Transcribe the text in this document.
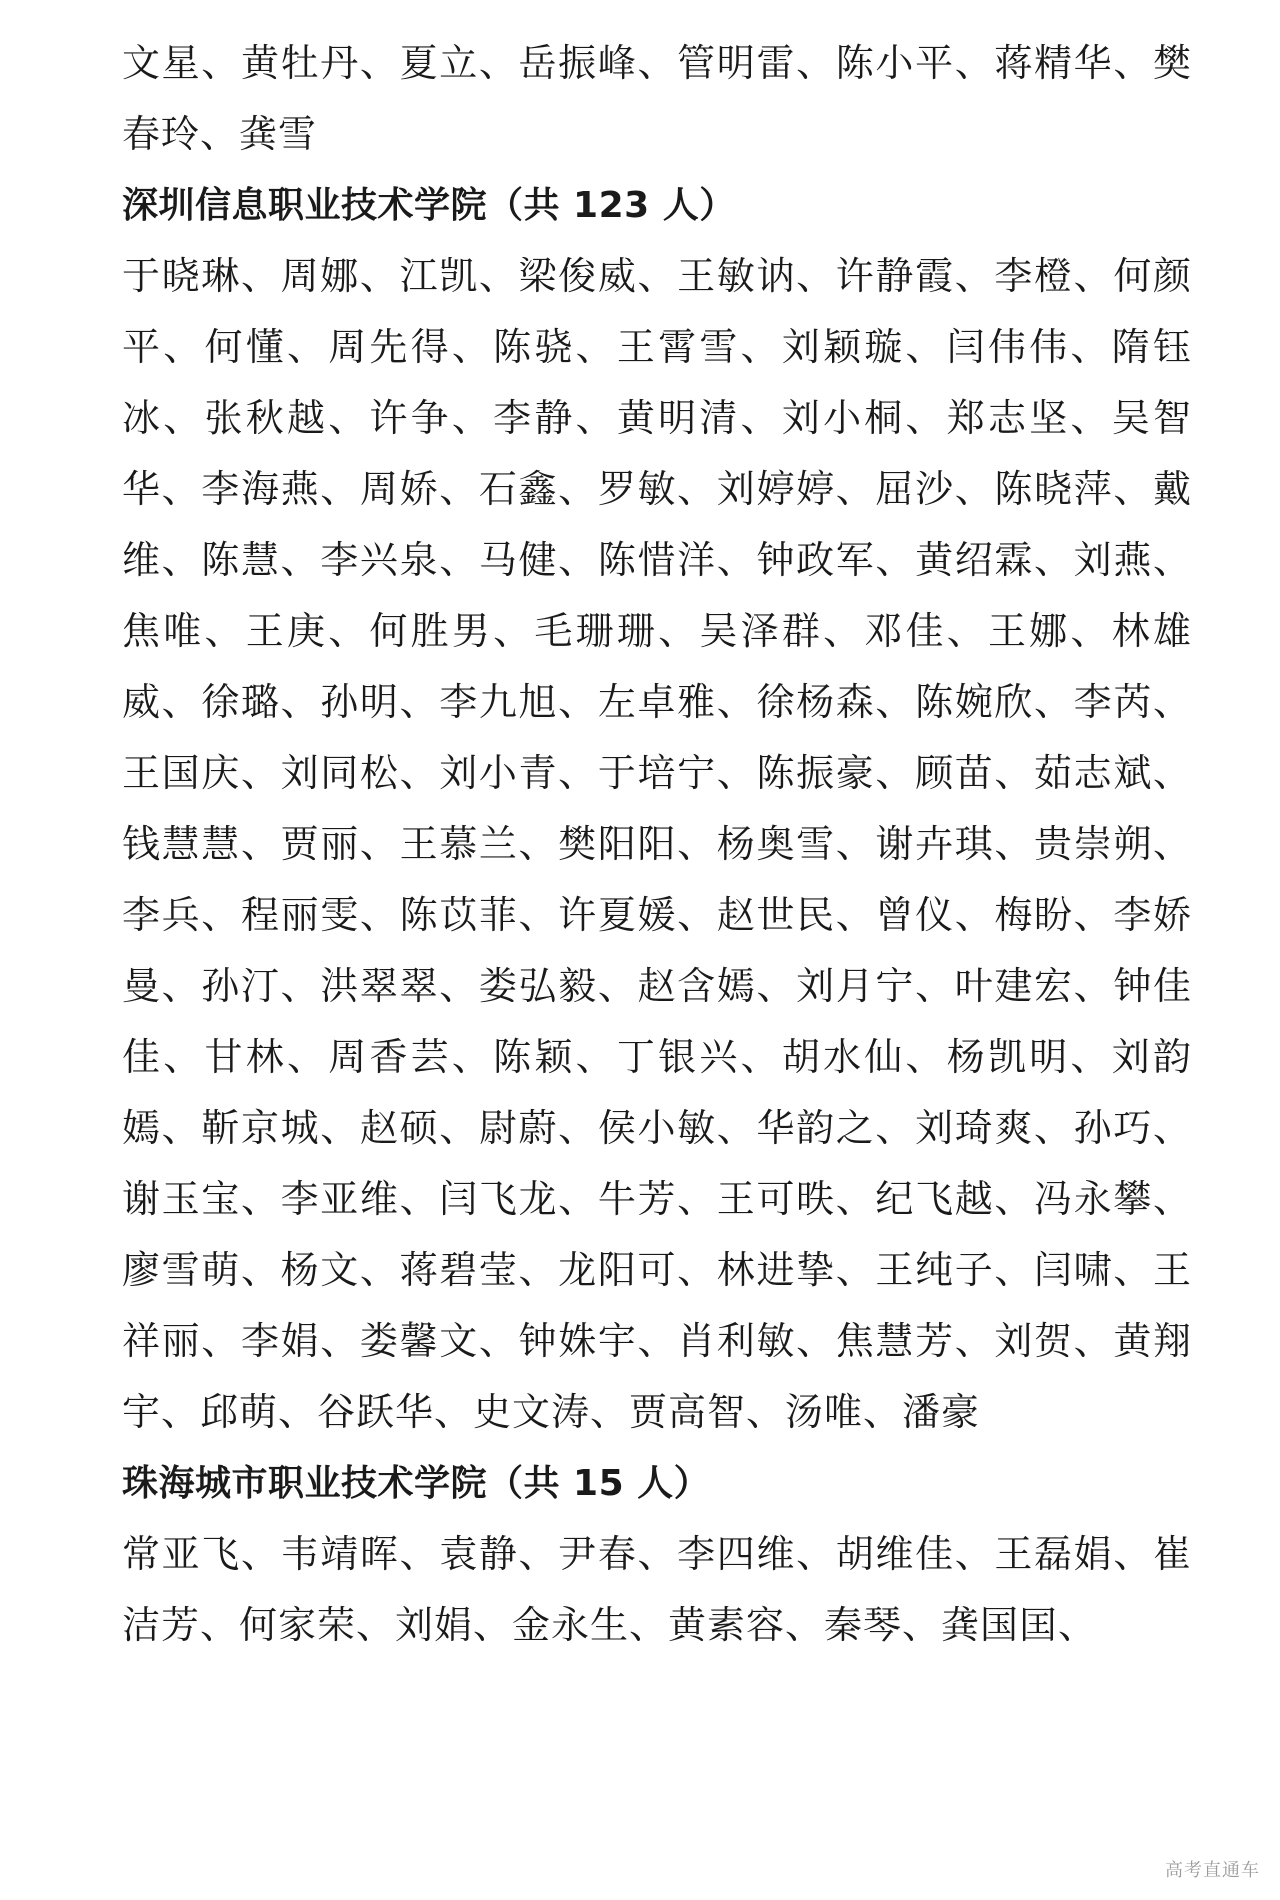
文星、黄牡丹、夏立、岳振峰、管明雷、陈小平、蒋精华、樊春玲、龚雪

深圳信息职业技术学院（共 123 人）

于晓琳、周娜、江凯、梁俊威、王敏讷、许静霞、李橙、何颜平、何懂、周先得、陈骁、王霄雪、刘颖璇、闫伟伟、隋钰冰、张秋越、许争、李静、黄明清、刘小桐、郑志坚、吴智华、李海燕、周娇、石鑫、罗敏、刘婷婷、屈沙、陈晓萍、戴维、陈慧、李兴泉、马健、陈惜洋、钟政军、黄绍霖、刘燕、焦唯、王庚、何胜男、毛珊珊、吴泽群、邓佳、王娜、林雄威、徐璐、孙明、李九旭、左卓雅、徐杨森、陈婉欣、李芮、王国庆、刘同松、刘小青、于培宁、陈振豪、顾苗、茹志斌、钱慧慧、贾丽、王慕兰、樊阳阳、杨奥雪、谢卉琪、贵崇朔、李兵、程丽雯、陈苡菲、许夏媛、赵世民、曾仪、梅盼、李娇曼、孙汀、洪翠翠、娄弘毅、赵含嫣、刘月宁、叶建宏、钟佳佳、甘林、周香芸、陈颖、丁银兴、胡水仙、杨凯明、刘韵嫣、靳京城、赵硕、尉蔚、侯小敏、华韵之、刘琦爽、孙巧、谢玉宝、李亚维、闫飞龙、牛芳、王可昳、纪飞越、冯永攀、廖雪萌、杨文、蒋碧莹、龙阳可、林进挚、王纯子、闫啸、王祥丽、李娟、娄馨文、钟姝宇、肖利敏、焦慧芳、刘贺、黄翔宇、邱萌、谷跃华、史文涛、贾高智、汤唯、潘豪

珠海城市职业技术学院（共 15 人）

常亚飞、韦靖晖、袁静、尹春、李四维、胡维佳、王磊娟、崔洁芳、何家荣、刘娟、金永生、黄素容、秦琴、龚国囯、

高考直通车
